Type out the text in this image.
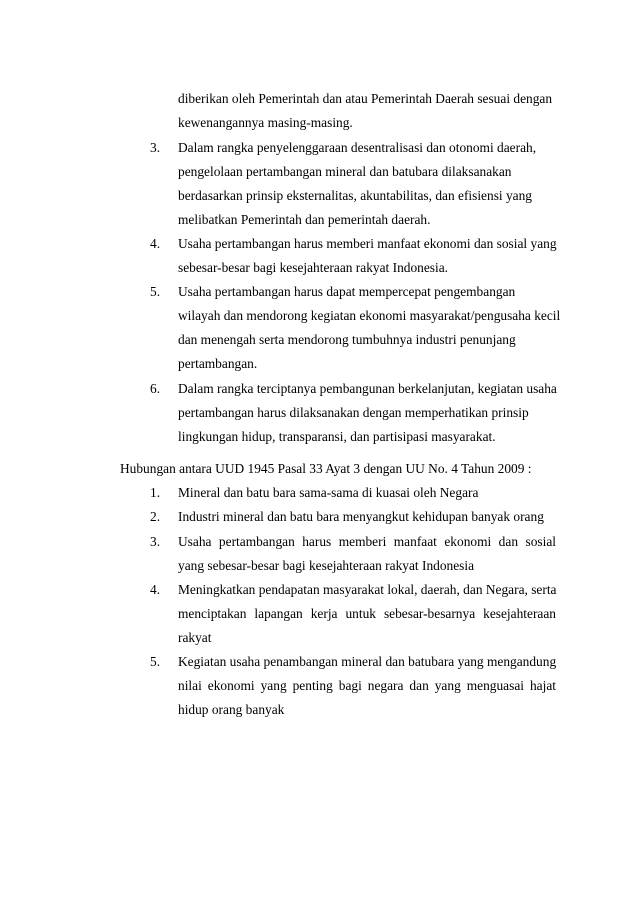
diberikan oleh Pemerintah dan atau Pemerintah Daerah sesuai dengan

kewenangannya masing-masing.

3. Dalam rangka penyelenggaraan desentralisasi dan otonomi daerah,

pengelolaan pertambangan mineral dan batubara dilaksanakan

berdasarkan prinsip eksternalitas, akuntabilitas, dan efisiensi yang

melibatkan Pemerintah dan pemerintah daerah.

4. Usaha pertambangan harus memberi manfaat ekonomi dan sosial yang

sebesar-besar bagi kesejahteraan rakyat Indonesia.

5. Usaha pertambangan harus dapat mempercepat pengembangan

wilayah dan mendorong kegiatan ekonomi masyarakat/pengusaha kecil

dan menengah serta mendorong tumbuhnya industri penunjang

pertambangan.

6. Dalam rangka terciptanya pembangunan berkelanjutan, kegiatan usaha

pertambangan harus dilaksanakan dengan memperhatikan prinsip

lingkungan hidup, transparansi, dan partisipasi masyarakat.

Hubungan antara UUD 1945 Pasal 33 Ayat 3 dengan UU No. 4 Tahun 2009 :

1. Mineral dan batu bara sama-sama di kuasai oleh Negara

2. Industri mineral dan batu bara menyangkut kehidupan banyak orang

3. Usaha pertambangan harus memberi manfaat ekonomi dan sosial

yang sebesar-besar bagi kesejahteraan rakyat Indonesia

4. Meningkatkan pendapatan masyarakat lokal, daerah, dan Negara, serta

menciptakan lapangan kerja untuk sebesar-besarnya kesejahteraan

rakyat

5. Kegiatan usaha penambangan mineral dan batubara yang mengandung

nilai ekonomi yang penting bagi negara dan yang menguasai hajat

hidup orang banyak
